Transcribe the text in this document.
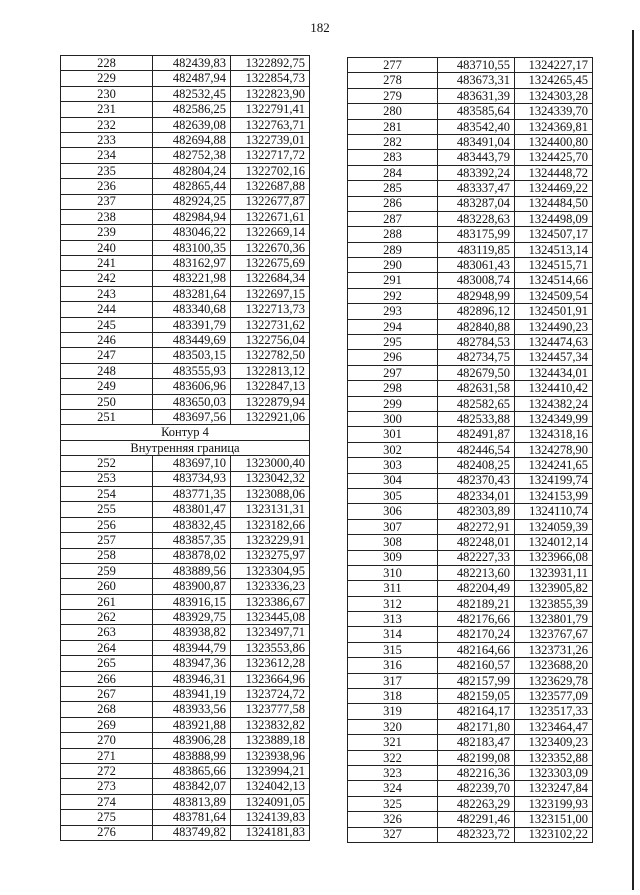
182
228	482439,83	1322892,75
229	482487,94	1322854,73
230	482532,45	1322823,90
231	482586,25	1322791,41
232	482639,08	1322763,71
233	482694,88	1322739,01
234	482752,38	1322717,72
235	482804,24	1322702,16
236	482865,44	1322687,88
237	482924,25	1322677,87
238	482984,94	1322671,61
239	483046,22	1322669,14
240	483100,35	1322670,36
241	483162,97	1322675,69
242	483221,98	1322684,34
243	483281,64	1322697,15
244	483340,68	1322713,73
245	483391,79	1322731,62
246	483449,69	1322756,04
247	483503,15	1322782,50
248	483555,93	1322813,12
249	483606,96	1322847,13
250	483650,03	1322879,94
251	483697,56	1322921,06
Контур 4		
Внутренняя граница		
252	483697,10	1323000,40
253	483734,93	1323042,32
254	483771,35	1323088,06
255	483801,47	1323131,31
256	483832,45	1323182,66
257	483857,35	1323229,91
258	483878,02	1323275,97
259	483889,56	1323304,95
260	483900,87	1323336,23
261	483916,15	1323386,67
262	483929,75	1323445,08
263	483938,82	1323497,71
264	483944,79	1323553,86
265	483947,36	1323612,28
266	483946,31	1323664,96
267	483941,19	1323724,72
268	483933,56	1323777,58
269	483921,88	1323832,82
270	483906,28	1323889,18
271	483888,99	1323938,96
272	483865,66	1323994,21
273	483842,07	1324042,13
274	483813,89	1324091,05
275	483781,64	1324139,83
276	483749,82	1324181,83
277	483710,55	1324227,17
278	483673,31	1324265,45
279	483631,39	1324303,28
280	483585,64	1324339,70
281	483542,40	1324369,81
282	483491,04	1324400,80
283	483443,79	1324425,70
284	483392,24	1324448,72
285	483337,47	1324469,22
286	483287,04	1324484,50
287	483228,63	1324498,09
288	483175,99	1324507,17
289	483119,85	1324513,14
290	483061,43	1324515,71
291	483008,74	1324514,66
292	482948,99	1324509,54
293	482896,12	1324501,91
294	482840,88	1324490,23
295	482784,53	1324474,63
296	482734,75	1324457,34
297	482679,50	1324434,01
298	482631,58	1324410,42
299	482582,65	1324382,24
300	482533,88	1324349,99
301	482491,87	1324318,16
302	482446,54	1324278,90
303	482408,25	1324241,65
304	482370,43	1324199,74
305	482334,01	1324153,99
306	482303,89	1324110,74
307	482272,91	1324059,39
308	482248,01	1324012,14
309	482227,33	1323966,08
310	482213,60	1323931,11
311	482204,49	1323905,82
312	482189,21	1323855,39
313	482176,66	1323801,79
314	482170,24	1323767,67
315	482164,66	1323731,26
316	482160,57	1323688,20
317	482157,99	1323629,78
318	482159,05	1323577,09
319	482164,17	1323517,33
320	482171,80	1323464,47
321	482183,47	1323409,23
322	482199,08	1323352,88
323	482216,36	1323303,09
324	482239,70	1323247,84
325	482263,29	1323199,93
326	482291,46	1323151,00
327	482323,72	1323102,22
